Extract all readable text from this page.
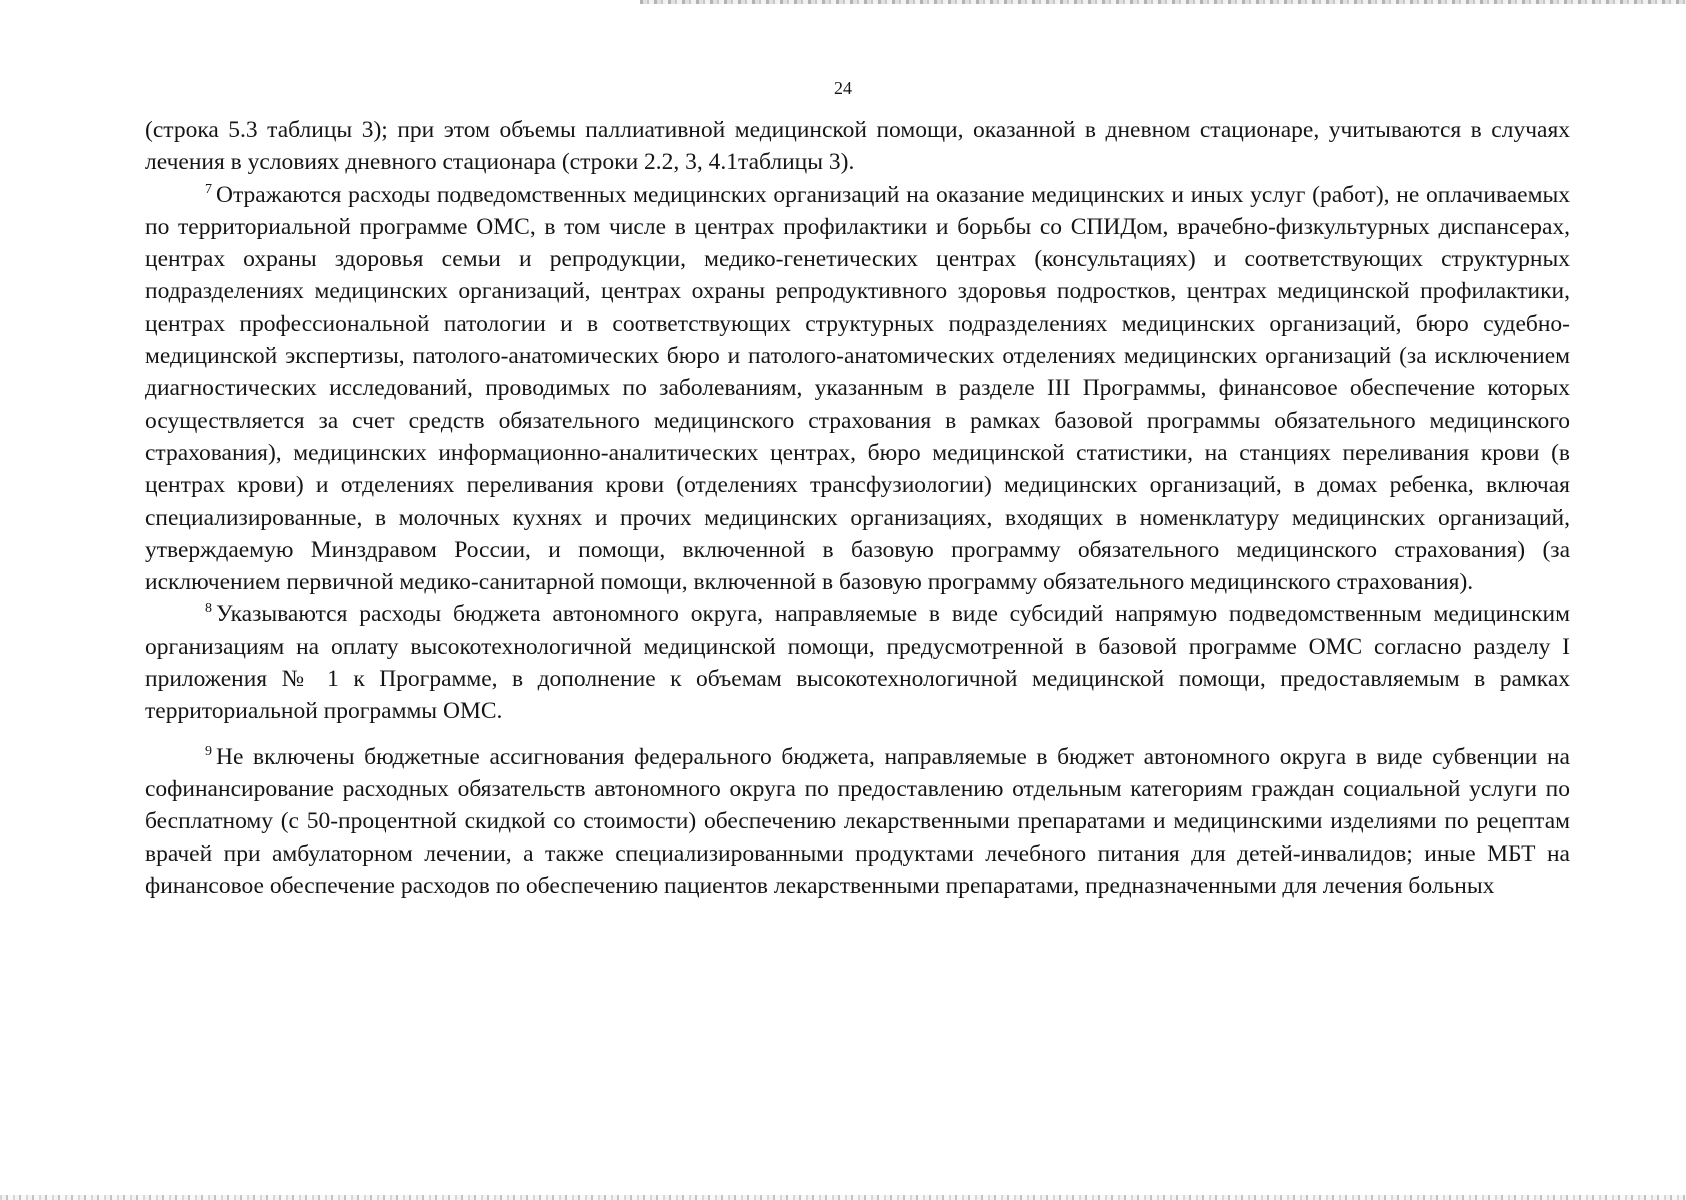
24

(строка 5.3 таблицы 3); при этом объемы паллиативной медицинской помощи, оказанной в дневном стационаре, учитываются в случаях лечения в условиях дневного стационара (строки 2.2, 3, 4.1таблицы 3).

$^7$ Отражаются расходы подведомственных медицинских организаций на оказание медицинских и иных услуг (работ), не оплачиваемых по территориальной программе ОМС, в том числе в центрах профилактики и борьбы со СПИДом, врачебно-физкультурных диспансерах, центрах охраны здоровья семьи и репродукции, медико-генетических центрах (консультациях) и соответствующих структурных подразделениях медицинских организаций, центрах охраны репродуктивного здоровья подростков, центрах медицинской профилактики, центрах профессиональной патологии и в соответствующих структурных подразделениях медицинских организаций, бюро судебно-медицинской экспертизы, патолого-анатомических бюро и патолого-анатомических отделениях медицинских организаций (за исключением диагностических исследований, проводимых по заболеваниям, указанным в разделе III Программы, финансовое обеспечение которых осуществляется за счет средств обязательного медицинского страхования в рамках базовой программы обязательного медицинского страхования), медицинских информационно-аналитических центрах, бюро медицинской статистики, на станциях переливания крови (в центрах крови) и отделениях переливания крови (отделениях трансфузиологии) медицинских организаций, в домах ребенка, включая специализированные, в молочных кухнях и прочих медицинских организациях, входящих в номенклатуру медицинских организаций, утверждаемую Минздравом России, и помощи, включенной в базовую программу обязательного медицинского страхования) (за исключением первичной медико-санитарной помощи, включенной в базовую программу обязательного медицинского страхования).

$^8$ Указываются расходы бюджета автономного округа, направляемые в виде субсидий напрямую подведомственным медицинским организациям на оплату высокотехнологичной медицинской помощи, предусмотренной в базовой программе ОМС согласно разделу I приложения № 1 к Программе, в дополнение к объемам высокотехнологичной медицинской помощи, предоставляемым в рамках территориальной программы ОМС.

$^9$ Не включены бюджетные ассигнования федерального бюджета, направляемые в бюджет автономного округа в виде субвенции на софинансирование расходных обязательств автономного округа по предоставлению отдельным категориям граждан социальной услуги по бесплатному (с 50-процентной скидкой со стоимости) обеспечению лекарственными препаратами и медицинскими изделиями по рецептам врачей при амбулаторном лечении, а также специализированными продуктами лечебного питания для детей-инвалидов; иные МБТ на финансовое обеспечение расходов по обеспечению пациентов лекарственными препаратами, предназначенными для лечения больных
